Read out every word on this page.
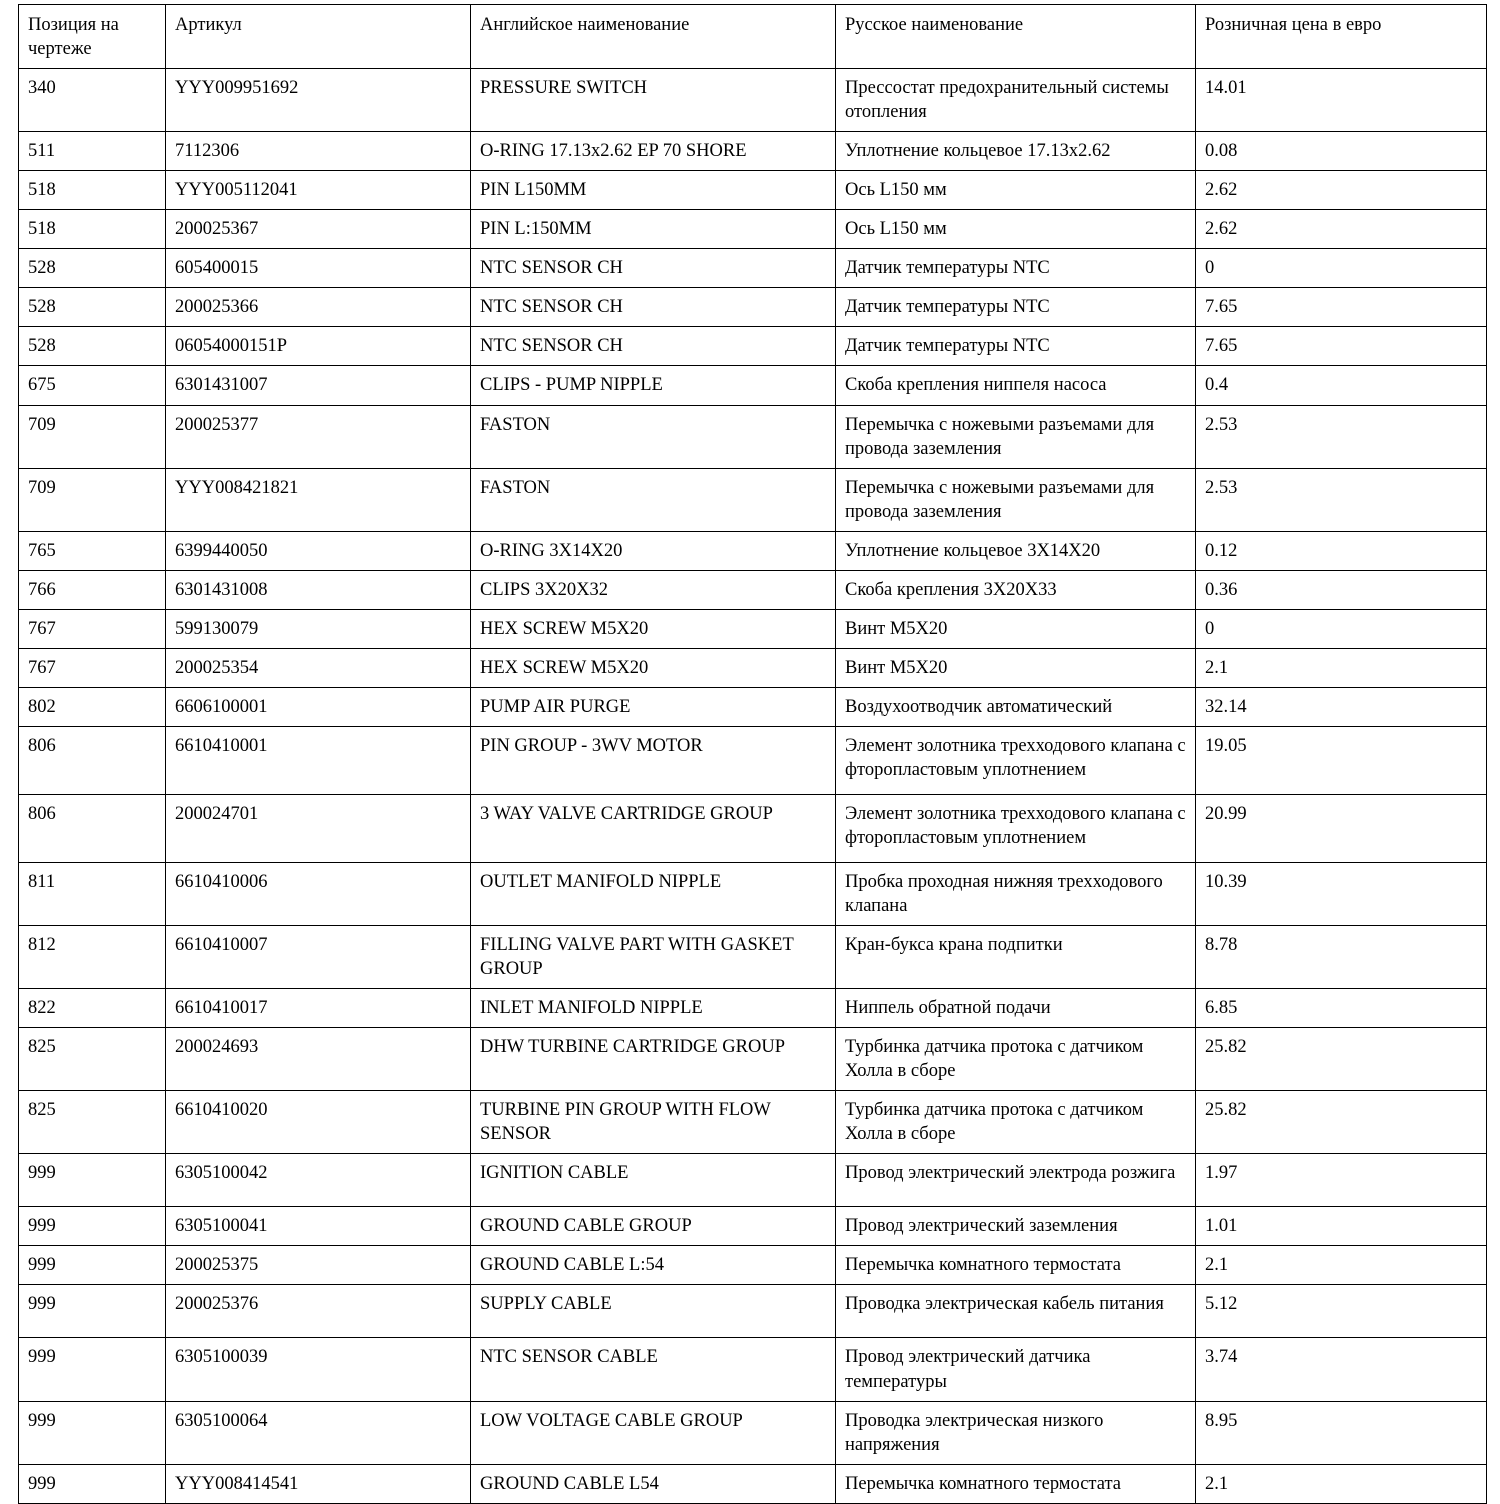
Позиция на чертеже	Артикул	Английское наименование	Русское наименование	Розничная цена в евро
340	YYY009951692	PRESSURE SWITCH	Прессостат предохранительный системы отопления	14.01
511	7112306	O-RING 17.13x2.62 EP 70 SHORE	Уплотнение кольцевое 17.13x2.62	0.08
518	YYY005112041	PIN L150MM	Ось L150 мм	2.62
518	200025367	PIN L:150MM	Ось L150 мм	2.62
528	605400015	NTC SENSOR CH	Датчик температуры NTC	0
528	200025366	NTC SENSOR CH	Датчик температуры NTC	7.65
528	06054000151P	NTC SENSOR CH	Датчик температуры NTC	7.65
675	6301431007	CLIPS - PUMP NIPPLE	Скоба крепления ниппеля насоса	0.4
709	200025377	FASTON	Перемычка с ножевыми разъемами для провода заземления	2.53
709	YYY008421821	FASTON	Перемычка с ножевыми разъемами для провода заземления	2.53
765	6399440050	O-RING 3X14X20	Уплотнение кольцевое 3X14X20	0.12
766	6301431008	CLIPS 3X20X32	Скоба крепления 3X20X33	0.36
767	599130079	HEX SCREW M5X20	Винт M5X20	0
767	200025354	HEX SCREW M5X20	Винт M5X20	2.1
802	6606100001	PUMP AIR PURGE	Воздухоотводчик автоматический	32.14
806	6610410001	PIN GROUP - 3WV MOTOR	Элемент золотника трехходового клапана с фторопластовым уплотнением	19.05
806	200024701	3 WAY VALVE CARTRIDGE GROUP	Элемент золотника трехходового клапана с фторопластовым уплотнением	20.99
811	6610410006	OUTLET MANIFOLD NIPPLE	Пробка проходная нижняя трехходового клапана	10.39
812	6610410007	FILLING VALVE PART WITH GASKET GROUP	Кран-букса крана подпитки	8.78
822	6610410017	INLET MANIFOLD NIPPLE	Ниппель обратной подачи	6.85
825	200024693	DHW TURBINE CARTRIDGE GROUP	Турбинка датчика протока с датчиком Холла в сборе	25.82
825	6610410020	TURBINE PIN GROUP WITH FLOW SENSOR	Турбинка датчика протока с датчиком Холла в сборе	25.82
999	6305100042	IGNITION CABLE	Провод электрический электрода розжига	1.97
999	6305100041	GROUND CABLE GROUP	Провод электрический заземления	1.01
999	200025375	GROUND CABLE L:54	Перемычка комнатного термостата	2.1
999	200025376	SUPPLY CABLE	Проводка электрическая кабель питания	5.12
999	6305100039	NTC SENSOR CABLE	Провод электрический датчика температуры	3.74
999	6305100064	LOW VOLTAGE CABLE GROUP	Проводка электрическая низкого напряжения	8.95
999	YYY008414541	GROUND CABLE L54	Перемычка комнатного термостата	2.1
